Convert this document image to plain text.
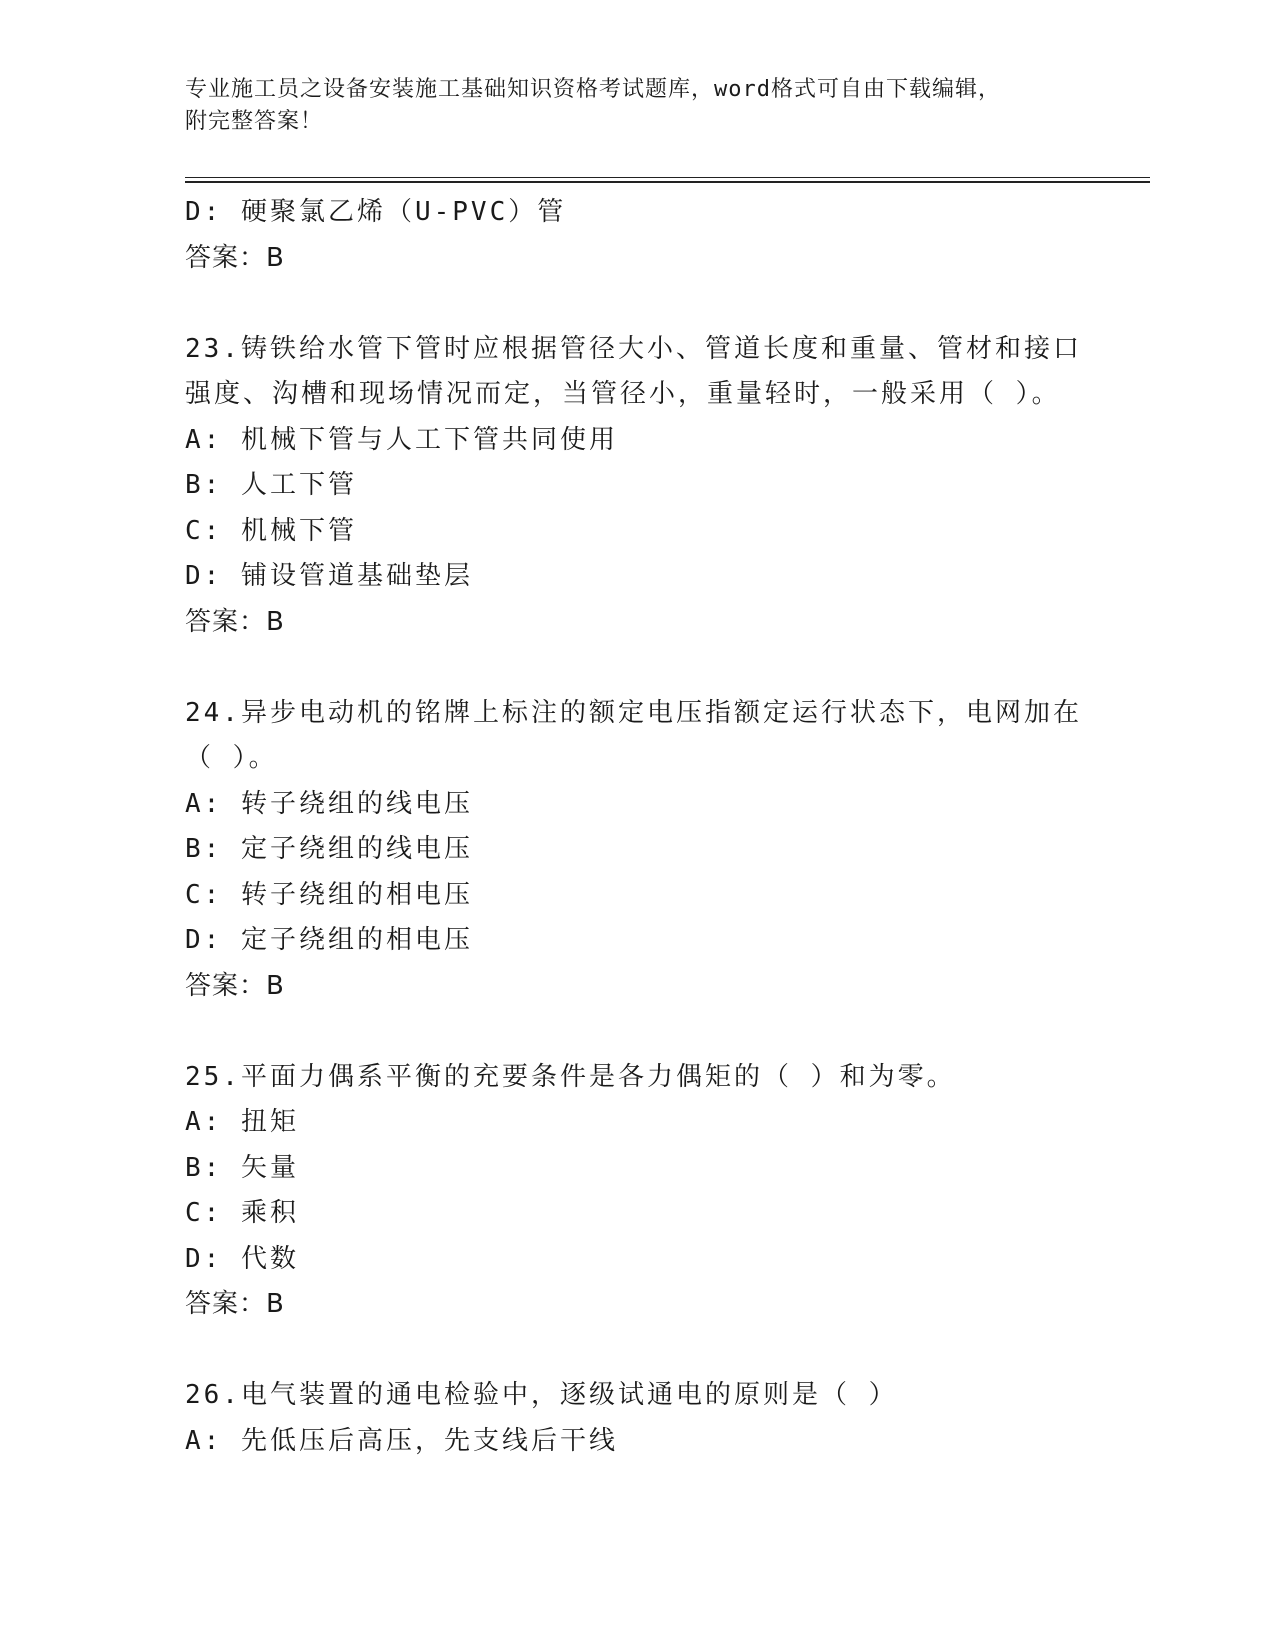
专业施工员之设备安装施工基础知识资格考试题库，word格式可自由下载编辑，
附完整答案！
D: 硬聚氯乙烯（U-PVC）管
答案：B
23.铸铁给水管下管时应根据管径大小、管道长度和重量、管材和接口
强度、沟槽和现场情况而定，当管径小，重量轻时，一般采用（ ）。
A: 机械下管与人工下管共同使用
B: 人工下管
C: 机械下管
D: 铺设管道基础垫层
答案：B
24.异步电动机的铭牌上标注的额定电压指额定运行状态下，电网加在
（ ）。
A: 转子绕组的线电压
B: 定子绕组的线电压
C: 转子绕组的相电压
D: 定子绕组的相电压
答案：B
25.平面力偶系平衡的充要条件是各力偶矩的（ ）和为零。
A: 扭矩
B: 矢量
C: 乘积
D: 代数
答案：B
26.电气装置的通电检验中，逐级试通电的原则是（ ）
A: 先低压后高压，先支线后干线
